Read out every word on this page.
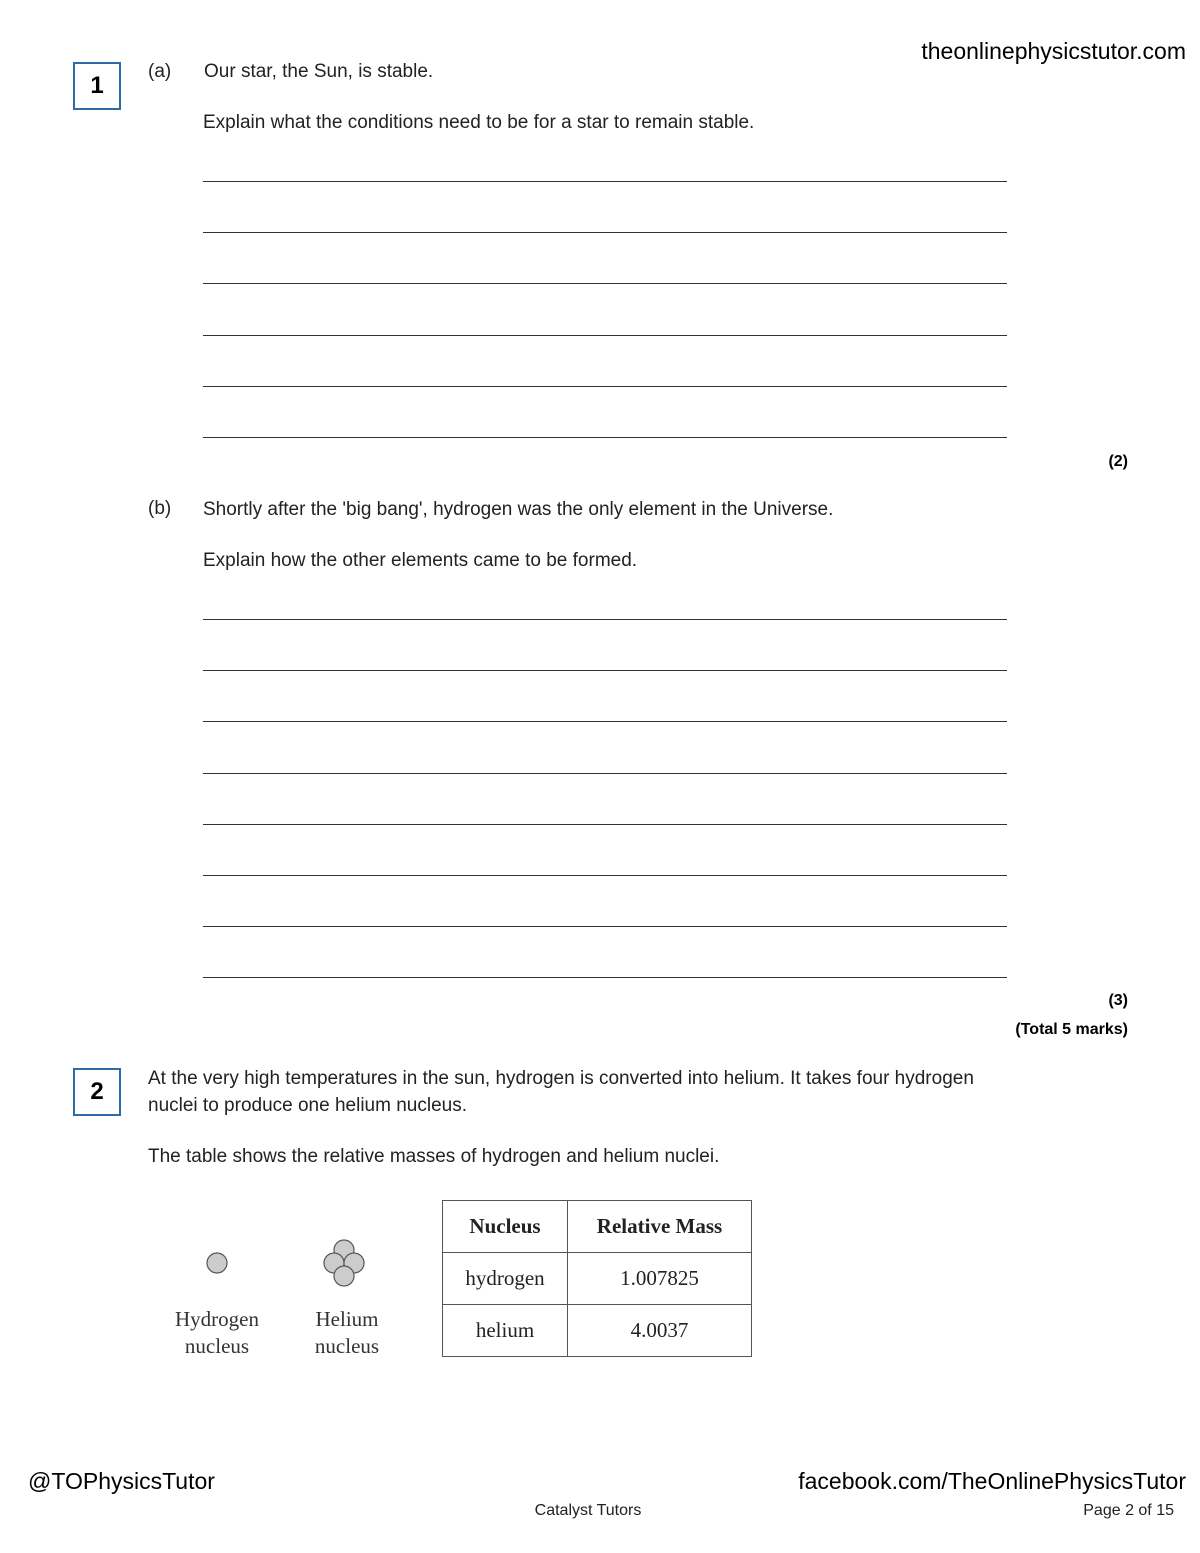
theonlinephysicstutor.com
1
(a) Our star, the Sun, is stable.
Explain what the conditions need to be for a star to remain stable.
(2)
(b) Shortly after the 'big bang', hydrogen was the only element in the Universe.
Explain how the other elements came to be formed.
(3)
(Total 5 marks)
2	At the very high temperatures in the sun, hydrogen is converted into helium. It takes four hydrogen nuclei to produce one helium nucleus.
The table shows the relative masses of hydrogen and helium nuclei.
Hydrogen nucleus
Helium nucleus
Nucleus	Relative Mass
hydrogen	1.007825
helium	4.0037
@TOPhysicsTutor	facebook.com/TheOnlinePhysicsTutor
Catalyst Tutors	Page 2 of 15
